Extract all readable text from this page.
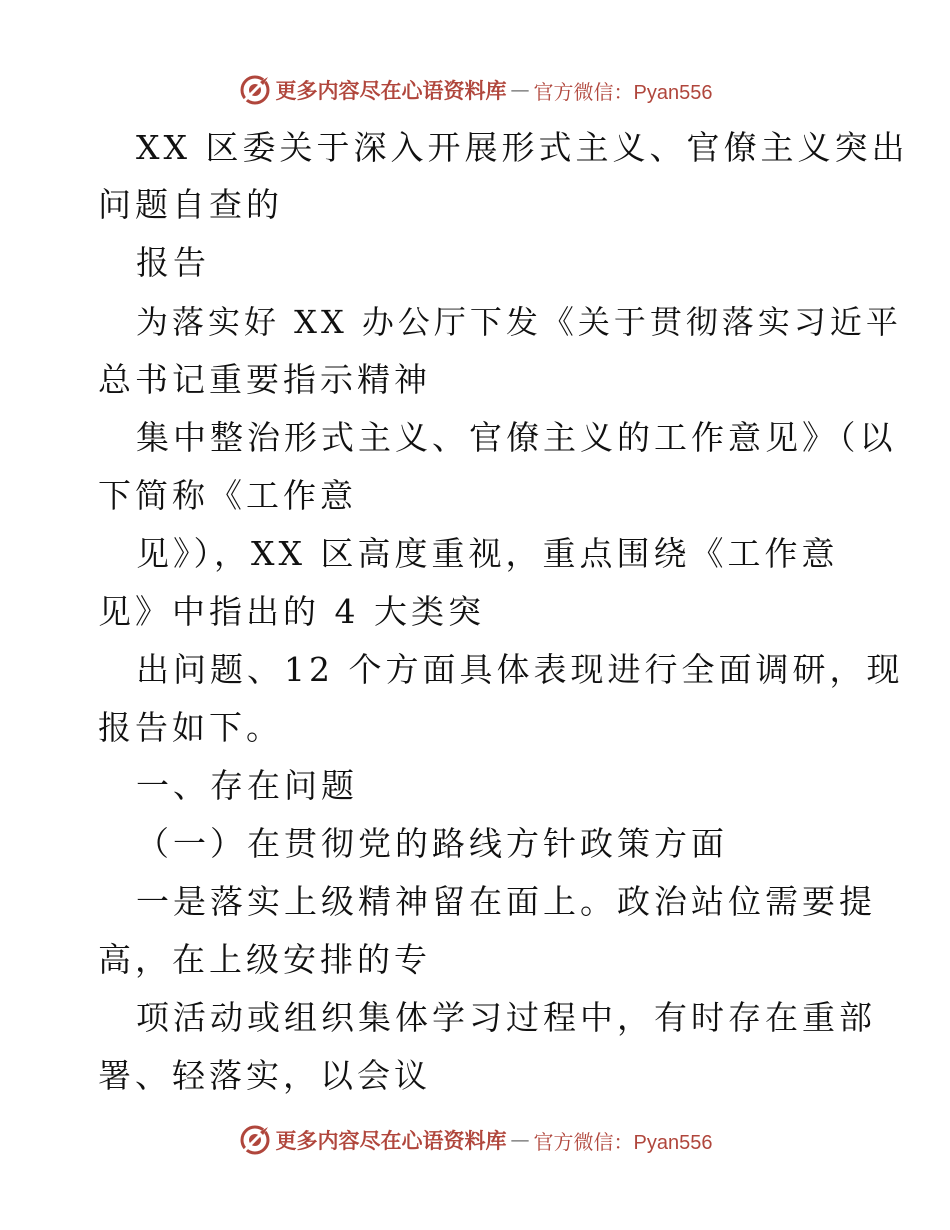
更多内容尽在心语资料库 — 官方微信：Pyan556
XX 区委关于深入开展形式主义、官僚主义突出
问题自查的
报告
为落实好 XX 办公厅下发《关于贯彻落实习近平
总书记重要指示精神
集中整治形式主义、官僚主义的工作意见》（以
下简称《工作意
见》），XX 区高度重视，重点围绕《工作意
见》中指出的 4 大类突
出问题、12 个方面具体表现进行全面调研，现
报告如下。
一、存在问题
（一）在贯彻党的路线方针政策方面
一是落实上级精神留在面上。政治站位需要提
高，在上级安排的专
项活动或组织集体学习过程中，有时存在重部
署、轻落实，以会议
更多内容尽在心语资料库 — 官方微信：Pyan556
